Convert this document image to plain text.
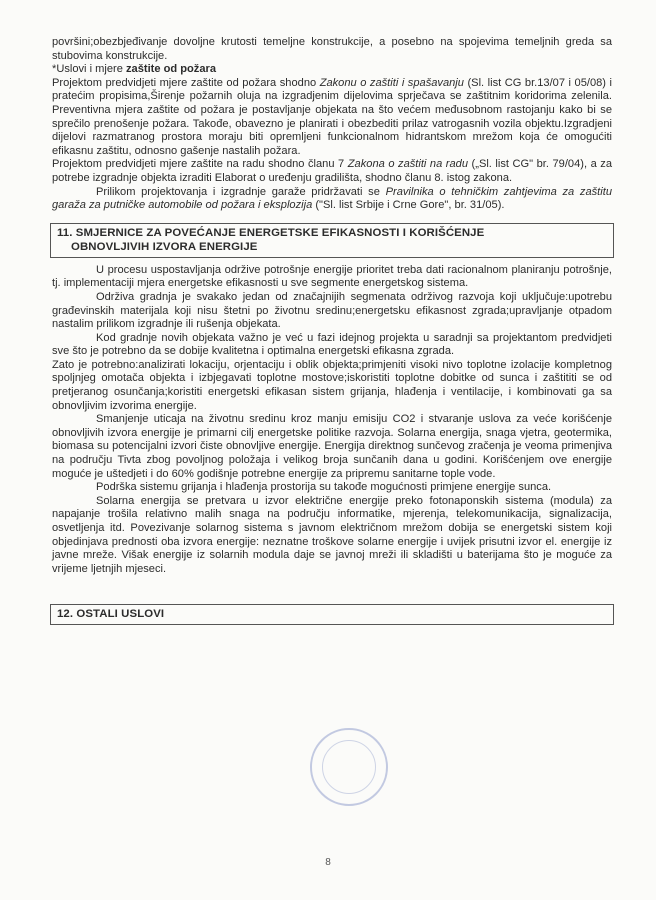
površini;obezbjeđivanje dovoljne krutosti temeljne konstrukcije, a posebno na spojevima temeljnih greda sa stubovima konstrukcije.

*Uslovi i mjere zaštite od požara

Projektom predvidjeti mjere zaštite od požara shodno Zakonu o zaštiti i spašavanju (Sl. list CG br.13/07 i 05/08) i pratećim propisima,Širenje požarnih oluja na izgradjenim dijelovima sprječava se zaštitnim koridorima zelenila. Preventivna mjera zaštite od požara je postavljanje objekata na što većem međusobnom rastojanju kako bi se sprečilo prenošenje požara. Takođe, obavezno je planirati i obezbediti prilaz vatrogasnih vozila objektu.Izgradjeni dijelovi razmatranog prostora moraju biti opremljeni funkcionalnom hidrantskom mrežom koja će omogućiti efikasnu zaštitu, odnosno gašenje nastalih požara.

Projektom predvidjeti mjere zaštite na radu shodno članu 7 Zakona o zaštiti na radu („Sl. list CG" br. 79/04), a za potrebe izgradnje objekta izraditi Elaborat o uređenju gradilišta, shodno članu 8. istog zakona.

Prilikom projektovanja i izgradnje garaže pridržavati se Pravilnika o tehničkim zahtjevima za zaštitu garaža za putničke automobile od požara i eksplozija ("Sl. list Srbije i Crne Gore", br. 31/05).

11. SMJERNICE ZA POVEĆANJE ENERGETSKE EFIKASNOSTI I KORIŠĆENJE
OBNOVLJIVIH IZVORA ENERGIJE

U procesu uspostavljanja održive potrošnje energije prioritet treba dati racionalnom planiranju potrošnje, tj. implementaciji mjera energetske efikasnosti u sve segmente energetskog sistema.

Održiva gradnja je svakako jedan od značajnijih segmenata održivog razvoja koji uključuje:upotrebu građevinskih materijala koji nisu štetni po životnu sredinu;energetsku efikasnost zgrada;upravljanje otpadom nastalim prilikom izgradnje ili rušenja objekata.

Kod gradnje novih objekata važno je već u fazi idejnog projekta u saradnji sa projektantom predvidjeti sve što je potrebno da se dobije kvalitetna i optimalna energetski efikasna zgrada.

Zato je potrebno:analizirati lokaciju, orjentaciju i oblik objekta;primjeniti visoki nivo toplotne izolacije kompletnog spoljnjeg omotača objekta i izbjegavati toplotne mostove;iskoristiti toplotne dobitke od sunca i zaštititi se od pretjeranog osunčanja;koristiti energetski efikasan sistem grijanja, hlađenja i ventilacije, i kombinovati ga sa obnovljivim izvorima energije.

Smanjenje uticaja na životnu sredinu kroz manju emisiju CO2 i stvaranje uslova za veće korišćenje obnovljivih izvora energije je primarni cilj energetske politike razvoja. Solarna energija, snaga vjetra, geotermika, biomasa su potencijalni izvori čiste obnovljive energije. Energija direktnog sunčevog zračenja je veoma primenjiva na području Tivta zbog povoljnog položaja i velikog broja sunčanih dana u godini. Korišćenjem ove energije moguće je uštedjeti i do 60% godišnje potrebne energije za pripremu sanitarne tople vode.

Podrška sistemu grijanja i hlađenja prostorija su takođe mogućnosti primjene energije sunca.

Solarna energija se pretvara u izvor električne energije preko fotonaponskih sistema (modula) za napajanje trošila relativno malih snaga na području informatike, mjerenja, telekomunikacija, signalizacija, osvetljenja itd. Povezivanje solarnog sistema s javnom električnom mrežom dobija se energetski sistem koji objedinjava prednosti oba izvora energije: neznatne troškove solarne energije i uvijek prisutni izvor el. energije iz javne mreže. Višak energije iz solarnih modula daje se javnoj mreži ili skladišti u baterijama što je moguće za vrijeme ljetnjih mjeseci.

12. OSTALI USLOVI
8
